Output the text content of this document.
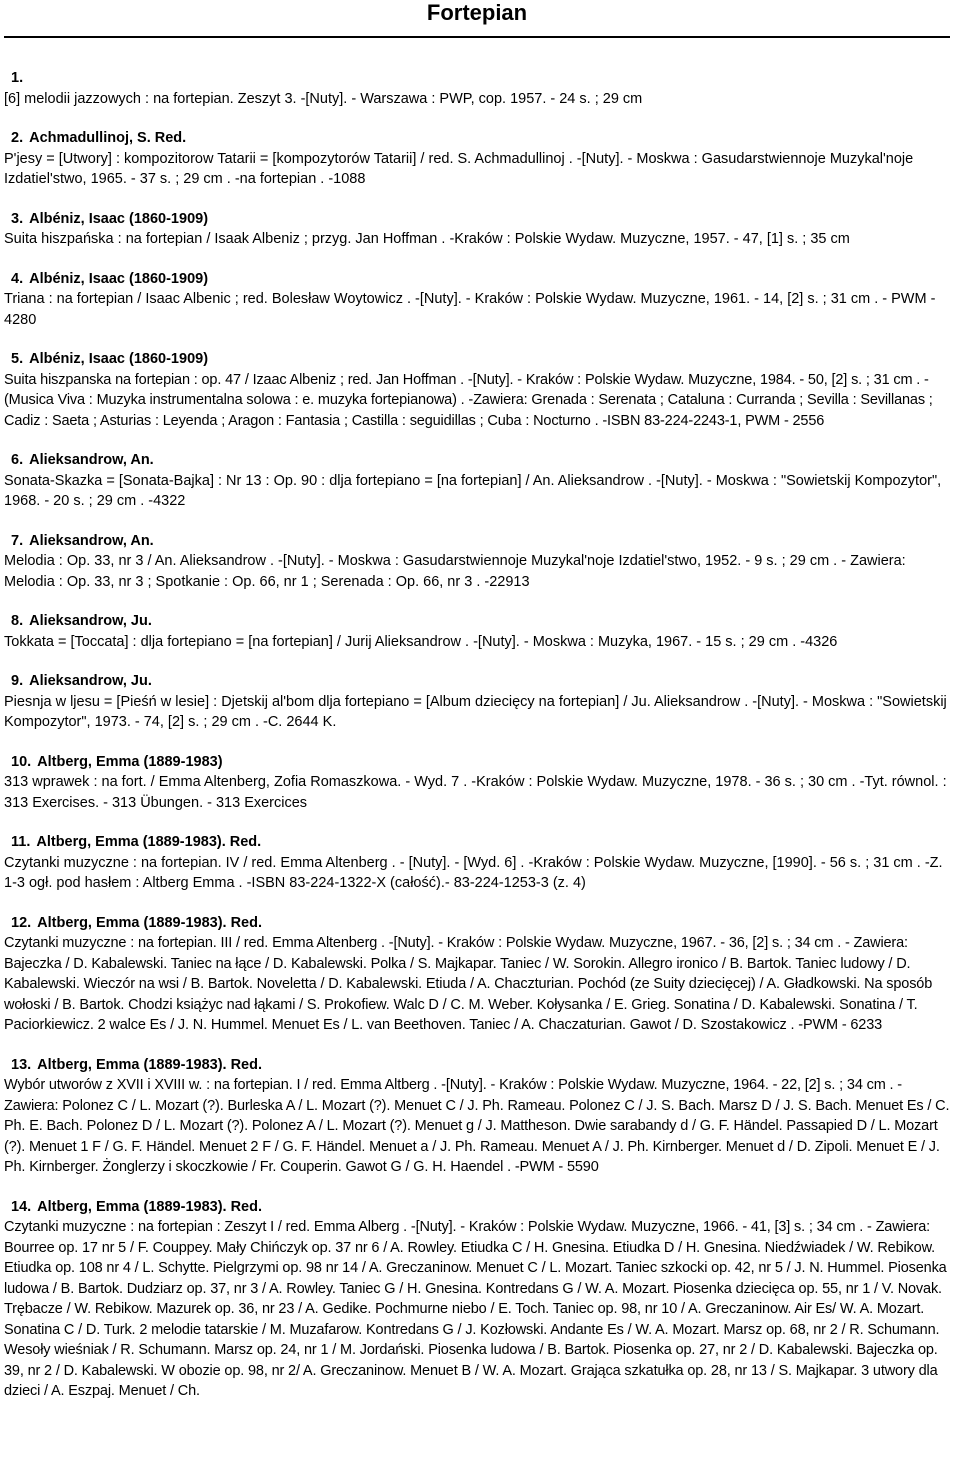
Fortepian
1.
[6] melodii jazzowych : na fortepian. Zeszyt 3. -[Nuty]. - Warszawa : PWP, cop. 1957. - 24 s. ; 29 cm
2. Achmadullinoj, S. Red.
P'jesy = [Utwory] : kompozitorow Tatarii = [kompozytorów Tatarii] / red. S. Achmadullinoj . -[Nuty]. - Moskwa : Gasudarstwiennoje Muzykal'noje Izdatiel'stwo, 1965. - 37 s. ; 29 cm . -na fortepian . -1088
3. Albéniz, Isaac (1860-1909)
Suita hiszpańska : na fortepian / Isaak Albeniz ; przyg. Jan Hoffman . -Kraków : Polskie Wydaw. Muzyczne, 1957. - 47, [1] s. ; 35 cm
4. Albéniz, Isaac (1860-1909)
Triana : na fortepian / Isaac Albenic ; red. Bolesław Woytowicz . -[Nuty]. - Kraków : Polskie Wydaw. Muzyczne, 1961. - 14, [2] s. ; 31 cm . - PWM - 4280
5. Albéniz, Isaac (1860-1909)
Suita hiszpanska na fortepian : op. 47 / Izaac Albeniz ; red. Jan Hoffman . -[Nuty]. - Kraków : Polskie Wydaw. Muzyczne, 1984. - 50, [2] s. ; 31 cm . -(Musica Viva : Muzyka instrumentalna solowa : e. muzyka fortepianowa) . -Zawiera: Grenada : Serenata ; Cataluna : Curranda ; Sevilla : Sevillanas ; Cadiz : Saeta ; Asturias : Leyenda ; Aragon : Fantasia ; Castilla : seguidillas ; Cuba : Nocturno . -ISBN 83-224-2243-1, PWM - 2556
6. Alieksandrow, An.
Sonata-Skazka = [Sonata-Bajka] : Nr 13 : Op. 90 : dlja fortepiano = [na fortepian] / An. Alieksandrow . -[Nuty]. - Moskwa : "Sowietskij Kompozytor", 1968. - 20 s. ; 29 cm . -4322
7. Alieksandrow, An.
Melodia : Op. 33, nr 3 / An. Alieksandrow . -[Nuty]. - Moskwa : Gasudarstwiennoje Muzykal'noje Izdatiel'stwo, 1952. - 9 s. ; 29 cm . - Zawiera: Melodia : Op. 33, nr 3 ; Spotkanie : Op. 66, nr 1 ; Serenada : Op. 66, nr 3 . -22913
8. Alieksandrow, Ju.
Tokkata = [Toccata] : dlja fortepiano = [na fortepian] / Jurij Alieksandrow . -[Nuty]. - Moskwa : Muzyka, 1967. - 15 s. ; 29 cm . -4326
9. Alieksandrow, Ju.
Piesnja w ljesu = [Pieśń w lesie] : Djetskij al'bom dlja fortepiano = [Album dziecięcy na fortepian] / Ju. Alieksandrow . -[Nuty]. - Moskwa : "Sowietskij Kompozytor", 1973. - 74, [2] s. ; 29 cm . -C. 2644 K.
10. Altberg, Emma (1889-1983)
313 wprawek : na fort. / Emma Altenberg, Zofia Romaszkowa. - Wyd. 7 . -Kraków : Polskie Wydaw. Muzyczne, 1978. - 36 s. ; 30 cm . -Tyt. równol. : 313 Exercises. - 313 Übungen. - 313 Exercices
11. Altberg, Emma (1889-1983). Red.
Czytanki muzyczne : na fortepian. IV / red. Emma Altenberg . - [Nuty]. - [Wyd. 6] . -Kraków : Polskie Wydaw. Muzyczne, [1990]. - 56 s. ; 31 cm . -Z. 1-3 ogł. pod hasłem : Altberg Emma . -ISBN 83-224-1322-X (całość).- 83-224-1253-3 (z. 4)
12. Altberg, Emma (1889-1983). Red.
Czytanki muzyczne : na fortepian. III / red. Emma Altenberg . -[Nuty]. - Kraków : Polskie Wydaw. Muzyczne, 1967. - 36, [2] s. ; 34 cm . - Zawiera: Bajeczka / D. Kabalewski. Taniec na łące / D. Kabalewski. Polka / S. Majkapar. Taniec / W. Sorokin. Allegro ironico / B. Bartok. Taniec ludowy / D. Kabalewski. Wieczór na wsi / B. Bartok. Noveletta / D. Kabalewski. Etiuda / A. Chaczturian. Pochód (ze Suity dziecięcej) / A. Gładkowski. Na sposób wołoski / B. Bartok. Chodzi książyc nad łąkami / S. Prokofiew. Walc D / C. M. Weber. Kołysanka / E. Grieg. Sonatina / D. Kabalewski. Sonatina / T. Paciorkiewicz. 2 walce Es / J. N. Hummel. Menuet Es / L. van Beethoven. Taniec / A. Chaczaturian. Gawot / D. Szostakowicz . -PWM - 6233
13. Altberg, Emma (1889-1983). Red.
Wybór utworów z XVII i XVIII w. : na fortepian. I / red. Emma Altberg . -[Nuty]. - Kraków : Polskie Wydaw. Muzyczne, 1964. - 22, [2] s. ; 34 cm . -Zawiera: Polonez C / L. Mozart (?). Burleska A / L. Mozart (?). Menuet C / J. Ph. Rameau. Polonez C / J. S. Bach. Marsz D / J. S. Bach. Menuet Es / C. Ph. E. Bach. Polonez D / L. Mozart (?). Polonez A / L. Mozart (?). Menuet g / J. Mattheson. Dwie sarabandy d / G. F. Händel. Passapied D / L. Mozart (?). Menuet 1 F / G. F. Händel. Menuet 2 F / G. F. Händel. Menuet a / J. Ph. Rameau. Menuet A / J. Ph. Kirnberger. Menuet d / D. Zipoli. Menuet E / J. Ph. Kirnberger. Żonglerzy i skoczkowie / Fr. Couperin. Gawot G / G. H. Haendel . -PWM - 5590
14. Altberg, Emma (1889-1983). Red.
Czytanki muzyczne : na fortepian : Zeszyt I / red. Emma Alberg . -[Nuty]. - Kraków : Polskie Wydaw. Muzyczne, 1966. - 41, [3] s. ; 34 cm . - Zawiera: Bourree op. 17 nr 5 / F. Couppey. Mały Chińczyk op. 37 nr 6 / A. Rowley. Etiudka C / H. Gnesina. Etiudka D / H. Gnesina. Niedźwiadek / W. Rebikow. Etiudka op. 108 nr 4 / L. Schytte. Pielgrzymi op. 98 nr 14 / A. Greczaninow. Menuet C / L. Mozart. Taniec szkocki op. 42, nr 5 / J. N. Hummel. Piosenka ludowa / B. Bartok. Dudziarz op. 37, nr 3 / A. Rowley. Taniec G / H. Gnesina. Kontredans G / W. A. Mozart. Piosenka dziecięca op. 55, nr 1 / V. Novak. Trębacze / W. Rebikow. Mazurek op. 36, nr 23 / A. Gedike. Pochmurne niebo / E. Toch. Taniec op. 98, nr 10 / A. Greczaninow. Air Es/ W. A. Mozart. Sonatina C / D. Turk. 2 melodie tatarskie / M. Muzafarow. Kontredans G / J. Kozłowski. Andante Es / W. A. Mozart. Marsz op. 68, nr 2 / R. Schumann. Wesoły wieśniak / R. Schumann. Marsz op. 24, nr 1 / M. Jordański. Piosenka ludowa / B. Bartok. Piosenka op. 27, nr 2 / D. Kabalewski. Bajeczka op. 39, nr 2 / D. Kabalewski. W obozie op. 98, nr 2/ A. Greczaninow. Menuet B / W. A. Mozart. Grająca szkatułka op. 28, nr 13 / S. Majkapar. 3 utwory dla dzieci / A. Eszpaj. Menuet / Ch.
